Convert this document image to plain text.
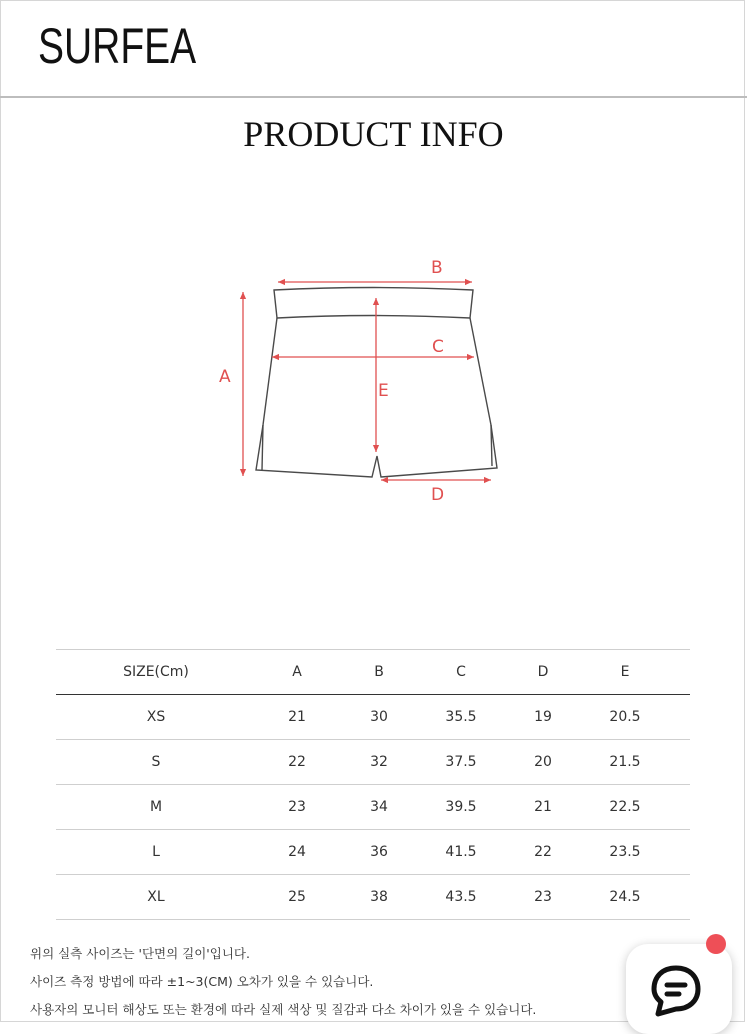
SURFEA
PRODUCT INFO
A
B
C
D
E
SIZE(Cm)	A	B	C	D	E	
XS	21	30	35.5	19	20.5	
S	22	32	37.5	20	21.5	
M	23	34	39.5	21	22.5	
L	24	36	41.5	22	23.5	
XL	25	38	43.5	23	24.5	
위의 실측 사이즈는 '단면의 길이'입니다.
사이즈 측정 방법에 따라 ±1~3(CM) 오차가 있을 수 있습니다.
사용자의 모니터 해상도 또는 환경에 따라 실제 색상 및 질감과 다소 차이가 있을 수 있습니다.
